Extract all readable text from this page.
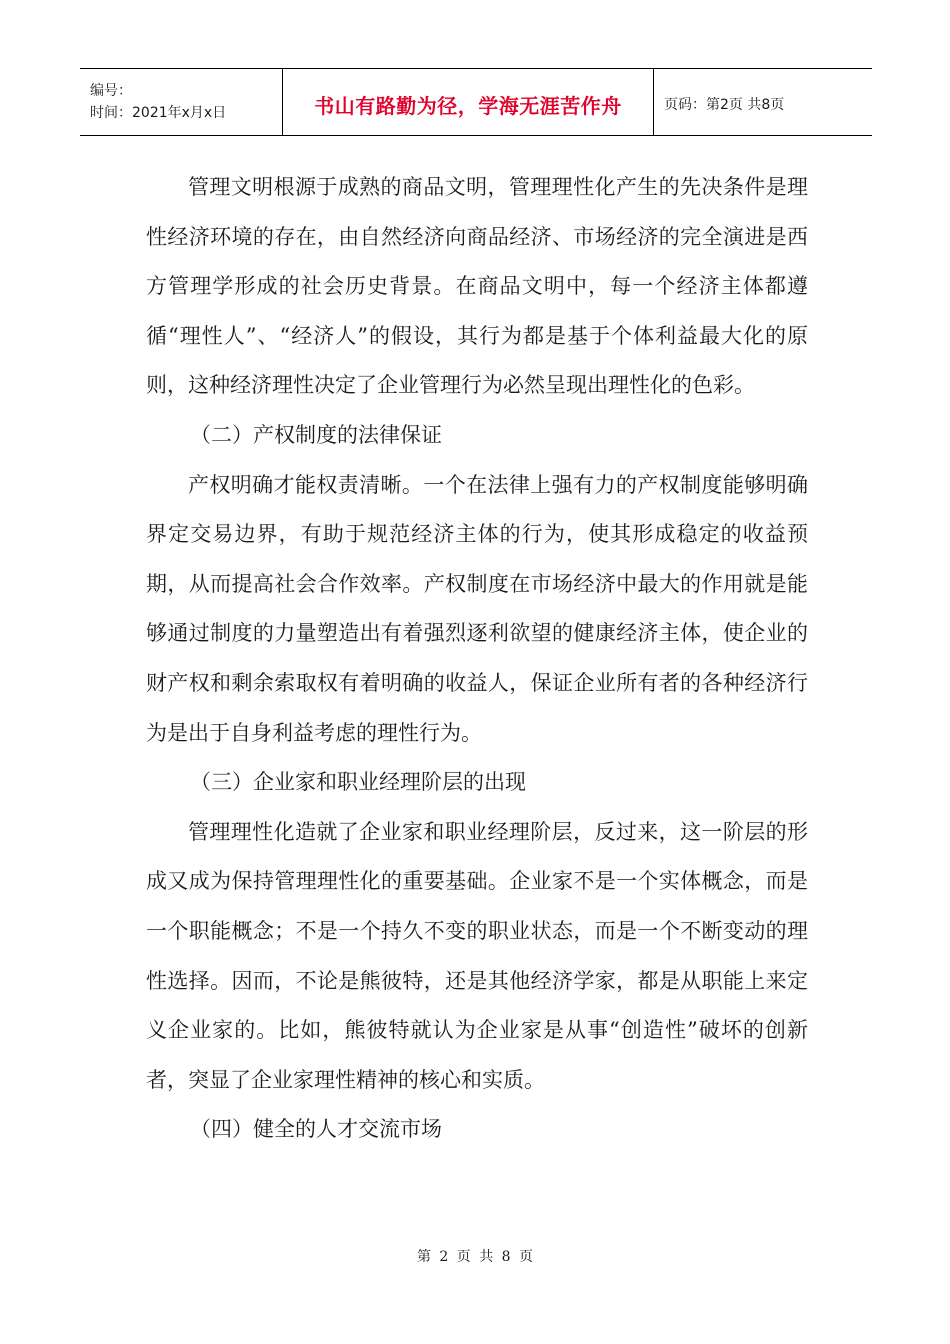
编号：
时间：2021年x月x日	书山有路勤为径，学海无涯苦作舟	页码：第2页 共8页

管理文明根源于成熟的商品文明，管理理性化产生的先决条件是理性经济环境的存在，由自然经济向商品经济、市场经济的完全演进是西方管理学形成的社会历史背景。在商品文明中，每一个经济主体都遵循“理性人”、“经济人”的假设，其行为都是基于个体利益最大化的原则，这种经济理性决定了企业管理行为必然呈现出理性化的色彩。

（二）产权制度的法律保证

产权明确才能权责清晰。一个在法律上强有力的产权制度能够明确界定交易边界，有助于规范经济主体的行为，使其形成稳定的收益预期，从而提高社会合作效率。产权制度在市场经济中最大的作用就是能够通过制度的力量塑造出有着强烈逐利欲望的健康经济主体，使企业的财产权和剩余索取权有着明确的收益人，保证企业所有者的各种经济行为是出于自身利益考虑的理性行为。

（三）企业家和职业经理阶层的出现

管理理性化造就了企业家和职业经理阶层，反过来，这一阶层的形成又成为保持管理理性化的重要基础。企业家不是一个实体概念，而是一个职能概念；不是一个持久不变的职业状态，而是一个不断变动的理性选择。因而，不论是熊彼特，还是其他经济学家，都是从职能上来定义企业家的。比如，熊彼特就认为企业家是从事“创造性”破坏的创新者，突显了企业家理性精神的核心和实质。

（四）健全的人才交流市场

第 2 页 共 8 页
